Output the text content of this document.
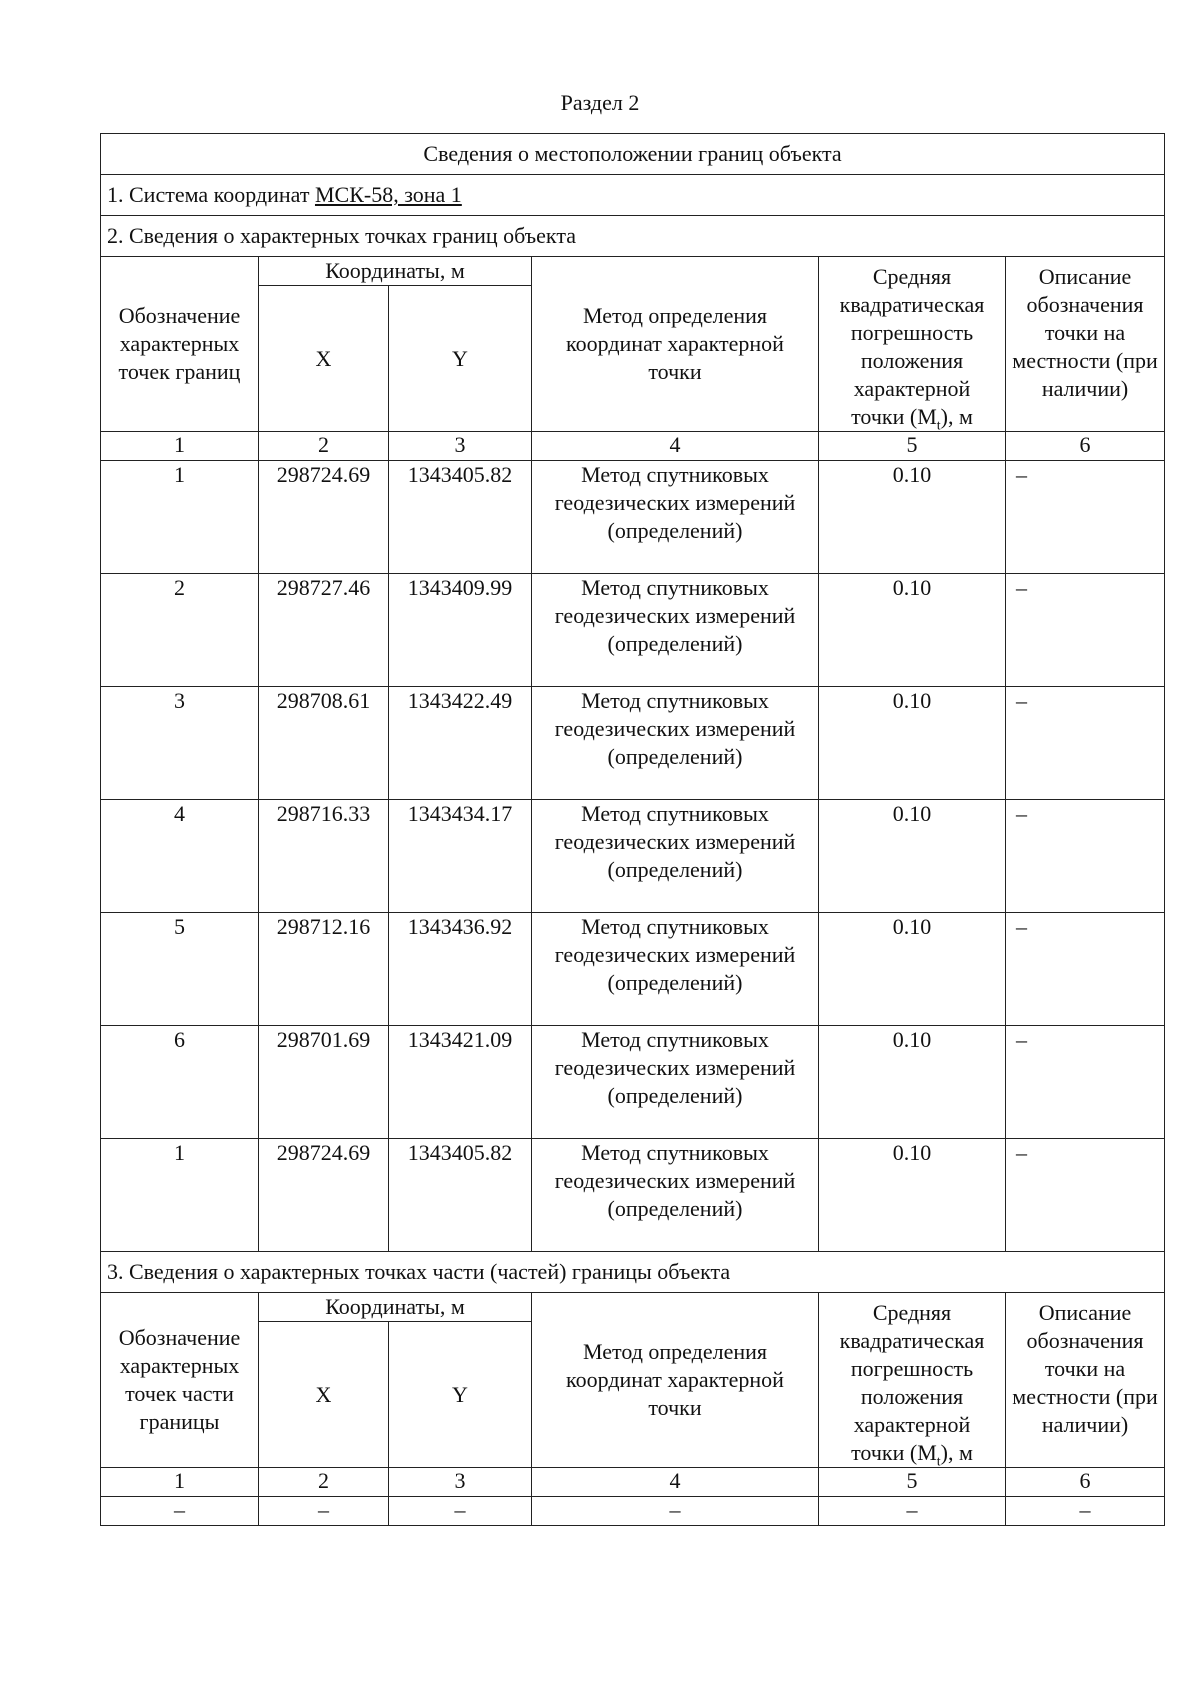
Раздел 2
Сведения о местоположении границ объекта					
1. Система координат МСК-58, зона 1					
2. Сведения о характерных точках границ объекта					
Обозначение характерных точек границ	Координаты, м		Метод определения координат характерной точки	Средняя квадратическая погрешность положения характерной точки $(M_t)$, м	Описание обозначения точки на местности (при наличии)
	X	Y			
1	2	3	4	5	6
1	298724.69	1343405.82	Метод спутниковых геодезических измерений (определений)	0.10	–
2	298727.46	1343409.99	Метод спутниковых геодезических измерений (определений)	0.10	–
3	298708.61	1343422.49	Метод спутниковых геодезических измерений (определений)	0.10	–
4	298716.33	1343434.17	Метод спутниковых геодезических измерений (определений)	0.10	–
5	298712.16	1343436.92	Метод спутниковых геодезических измерений (определений)	0.10	–
6	298701.69	1343421.09	Метод спутниковых геодезических измерений (определений)	0.10	–
1	298724.69	1343405.82	Метод спутниковых геодезических измерений (определений)	0.10	–
3. Сведения о характерных точках части (частей) границы объекта					
Обозначение характерных точек части границы	Координаты, м		Метод определения координат характерной точки	Средняя квадратическая погрешность положения характерной точки $(M_t)$, м	Описание обозначения точки на местности (при наличии)
	X	Y			
1	2	3	4	5	6
–	–	–	–	–	–
